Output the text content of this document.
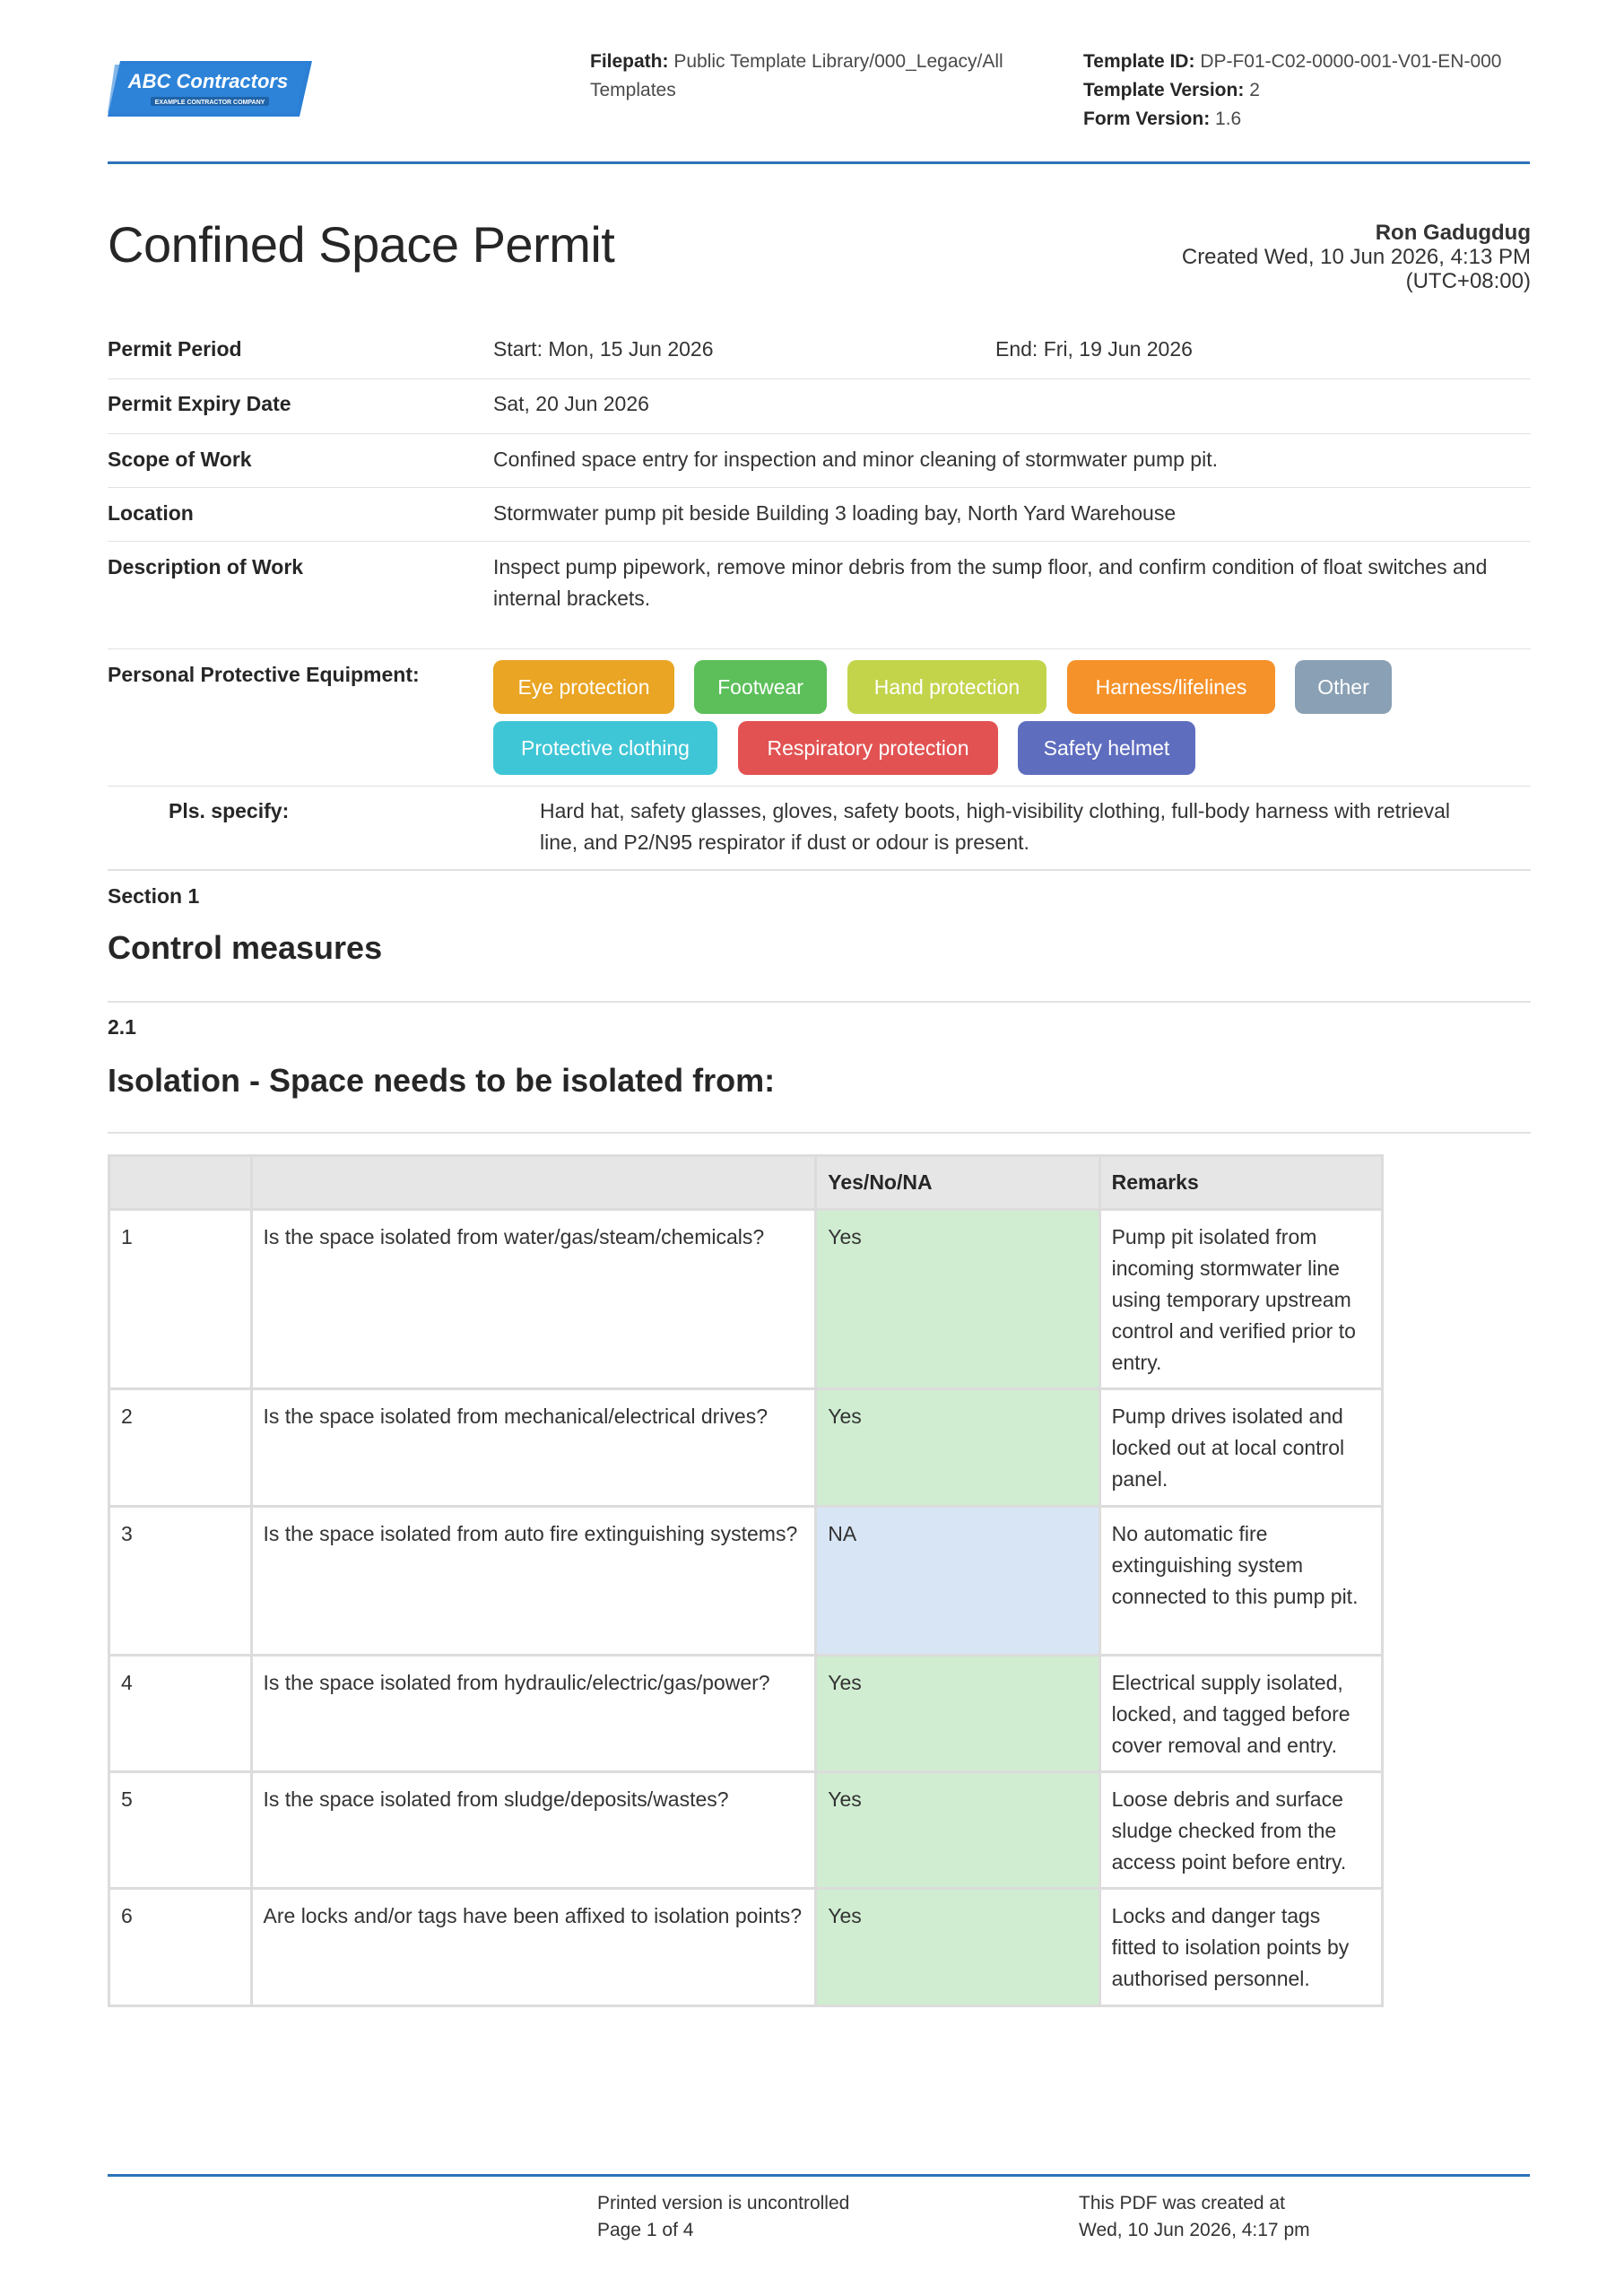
ABC Contractors
EXAMPLE CONTRACTOR COMPANY
Filepath: Public Template Library/000_Legacy/All Templates
Template ID: DP-F01-C02-0000-001-V01-EN-000
Template Version: 2
Form Version: 1.6
Confined Space Permit	Ron Gadugdug
Created Wed, 10 Jun 2026, 4:13 PM
(UTC+08:00)
Permit Period	Start: Mon, 15 Jun 2026	End: Fri, 19 Jun 2026
Permit Expiry Date	Sat, 20 Jun 2026
Scope of Work	Confined space entry for inspection and minor cleaning of stormwater pump pit.
Location	Stormwater pump pit beside Building 3 loading bay, North Yard Warehouse
Description of Work	Inspect pump pipework, remove minor debris from the sump floor, and confirm condition of float switches and internal brackets.
Personal Protective Equipment:
Eye protection	Footwear	Hand protection	Harness/lifelines	Other
Protective clothing	Respiratory protection	Safety helmet
Pls. specify:	Hard hat, safety glasses, gloves, safety boots, high-visibility clothing, full-body harness with retrieval line, and P2/N95 respirator if dust or odour is present.
Section 1
Control measures
2.1
Isolation - Space needs to be isolated from:
		Yes/No/NA	Remarks
1	Is the space isolated from water/gas/steam/chemicals?	Yes	Pump pit isolated from incoming stormwater line using temporary upstream control and verified prior to entry.
2	Is the space isolated from mechanical/electrical drives?	Yes	Pump drives isolated and locked out at local control panel.
3	Is the space isolated from auto fire extinguishing systems?	NA	No automatic fire extinguishing system connected to this pump pit.
4	Is the space isolated from hydraulic/electric/gas/power?	Yes	Electrical supply isolated, locked, and tagged before cover removal and entry.
5	Is the space isolated from sludge/deposits/wastes?	Yes	Loose debris and surface sludge checked from the access point before entry.
6	Are locks and/or tags have been affixed to isolation points?	Yes	Locks and danger tags fitted to isolation points by authorised personnel.
Printed version is uncontrolled
Page 1 of 4
This PDF was created at
Wed, 10 Jun 2026, 4:17 pm
